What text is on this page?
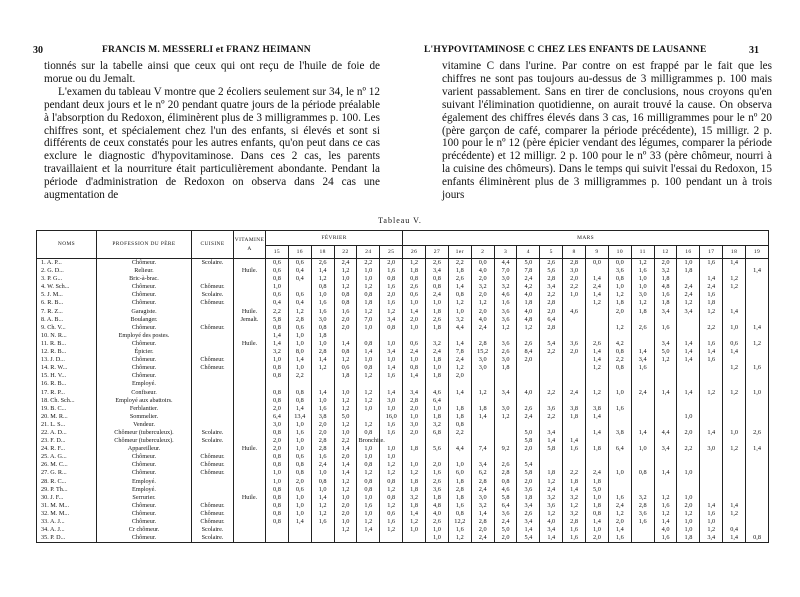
30	FRANCIS M. MESSERLI et FRANZ HEIMANN

tionnés sur la tabelle ainsi que ceux qui ont reçu de l'huile de foie de morue ou du Jemalt.

L'examen du tableau V montre que 2 écoliers seulement sur 34, le nº 12 pendant deux jours et le nº 20 pendant quatre jours de la période préalable à l'absorption du Redoxon, éliminèrent plus de 3 milligrammes p. 100. Les chiffres sont, et spécialement chez l'un des enfants, si élevés et sont si différents de ceux constatés pour les autres enfants, qu'on peut dans ce cas exclure le diagnostic d'hypovitaminose. Dans ces 2 cas, les parents travaillaient et la nourriture était particulièrement abondante. Pendant la période d'administration de Redoxon on observa dans 24 cas une augmentation de

L'HYPOVITAMINOSE C CHEZ LES ENFANTS DE LAUSANNE	31

vitamine C dans l'urine. Par contre on est frappé par le fait que les chiffres ne sont pas toujours au-dessus de 3 milligrammes p. 100 mais varient passablement. Sans en tirer de conclusions, nous croyons qu'en suivant l'élimination quotidienne, on aurait trouvé la cause. On observa également des chiffres élevés dans 3 cas, 16 milligrammes pour le nº 20 (père garçon de café, comparer la période précédente), 15 milligr. 2 p. 100 pour le nº 12 (père épicier vendant des légumes, comparer la période précédente) et 12 milligr. 2 p. 100 pour le nº 33 (père chômeur, nourri à la cuisine des chômeurs). Dans le temps qui suivit l'essai du Redoxon, 15 enfants éliminèrent plus de 3 milligrammes p. 100 pendant un à trois jours

Tableau V.
NOMS	PROFESSION DU PÈRE	CUISINE	VITAMINE A	FÉVRIER						MARS															
				15	16	18	22	24	25	26	27	1er	2	3	4	5	8	9	10	11	12	16	17	18	19
1. A. P...	Chômeur.	Scolaire.		0,6	0,6	2,6	2,4	2,2	2,0	1,2	2,6	2,2	0,0	4,4	5,0	2,6	2,8	0,0	0,0	1,2	2,0	1,0	1,6	1,4	
2. G. D...	Relieur.		Huile.	0,6	0,4	1,4	1,2	1,0	1,6	1,8	3,4	1,8	4,0	7,0	7,8	5,6	3,0		3,6	1,6	3,2	1,8			1,4
3. P. G...	Bric-à-brac.			0,8	0,4	1,2	1,0	1,0	0,8	0,8	0,8	2,6	2,0	3,0	2,4	2,8	2,0	1,4	0,8	1,0	1,8		1,4	1,2	
4. W. Sch...	Chômeur.	Chômeur.		1,0		0,8	1,2	1,2	1,6	2,6	0,8	1,4	3,2	3,2	4,2	3,4	2,2	2,4	1,0	1,0	4,8	2,4	2,4	1,2	
5. J. M...	Chômeur.	Scolaire.		0,6	0,6	1,0	0,8	0,8	2,0	0,6	2,4	0,8	2,0	4,6	4,0	2,2	1,0	1,4	1,2	3,0	1,6	2,4	1,6		
6. R. B...	Chômeur.	Chômeur.		0,4	0,4	1,6	0,8	1,8	1,6	1,0	1,0	1,2	1,2	1,6	1,8	2,8		1,2	1,8	1,2	1,8	1,2	1,8		
7. R. Z...	Garagiste.		Huile.	2,2	1,2	1,6	1,6	1,2	1,2	1,4	1,8	1,0	2,0	3,6	4,0	2,0	4,6		2,0	1,8	3,4	3,4	1,2	1,4	
8. A. B...	Boulanger.		Jemalt.	5,8	2,8	3,0	2,0	7,0	3,4	2,0	2,6	3,2	4,0	3,6	4,8	6,4									
9. Ch. V...	Chômeur.	Chômeur.		0,8	0,6	0,8	2,0	1,0	0,8	1,0	1,8	4,4	2,4	1,2	1,2	2,8			1,2	2,6	1,6		2,2	1,0	1,4
10. N. R...	Employé des postes.			1,4	1,0	1,8																			
11. R. B...	Chômeur.		Huile.	1,4	1,0	1,0	1,4	0,8	1,0	0,6	3,2	1,4	2,8	3,6	2,6	5,4	3,6	2,6	4,2		3,4	1,4	1,6	0,6	1,2
12. R. B...	Épicier.			3,2	8,0	2,8	0,8	1,4	3,4	2,4	2,4	7,8	15,2	2,6	8,4	2,2	2,0	1,4	0,8	1,4	5,0	1,4	1,4	1,4	
13. J. D...	Chômeur.	Chômeur.		1,0	1,4	1,4	1,2	1,0	1,0	1,0	1,8	2,4	3,0	3,0	2,0			1,4	2,2	3,4	1,2	1,4	1,6		
14. R. W...	Chômeur.	Chômeur.		0,8	1,0	1,2	0,6	0,8	1,4	0,8	1,0	1,2	3,0	1,8				1,2	0,8	1,6				1,2	1,6
15. H. V...	Chômeur.			0,8	2,2		1,8	1,2	1,6	1,4	1,8	2,0													
16. R. B...	Employé.																								
17. R. P...	Confiseur.			0,8	0,8	1,4	1,0	1,2	1,4	3,4	4,6	1,4	1,2	3,4	4,0	2,2	2,4	1,2	1,0	2,4	1,4	1,4	1,2	1,2	1,0
18. Ch. Sch...	Employé aux abattoirs.			0,8	0,8	1,0	1,2	1,2	3,0	2,8	6,4														
19. B. C...	Ferblantier.			2,0	1,4	1,6	1,2	1,0	1,0	2,0	1,0	1,8	1,8	3,0	2,6	3,6	3,8	3,8	1,6						
20. M. R...	Sommelier.			6,4	13,4	3,8	5,0		16,0	1,0	1,8	1,8	1,4	1,2	2,4	2,2	1,8	1,4				1,0			
21. L. S...	Vendeur.			3,0	1,0	2,0	1,2	1,2	1,6	3,0	3,2	0,8													
22. A. D...	Chômeur (tuberculeux).	Scolaire.		0,8	1,6	2,0	1,0	0,8	1,6	2,0	6,8	2,2			5,0	3,4		1,4	3,8	1,4	4,4	2,0	1,4	1,0	2,6
23. F. D...	Chômeur (tuberculeux).	Scolaire.		2,0	1,0	2,8	2,2	Bronchite.							5,8	1,4	1,4								
24. R. F...	Appareilleur.		Huile.	2,0	1,0	2,8	1,4	1,0	1,0	1,8	5,6	4,4	7,4	9,2	2,0	5,8	1,6	1,8	6,4	1,0	3,4	2,2	3,0	1,2	1,4
25. A. G...	Chômeur.	Chômeur.		0,8	0,6	1,6	2,0	1,0	1,0																
26. M. C...	Chômeur.	Chômeur.		0,8	0,8	2,4	1,4	0,8	1,2	1,0	2,0	1,0	3,4	2,6	5,4										
27. G. R...	Chômeur.	Chômeur.		1,0	0,8	1,0	1,4	1,2	1,2	1,2	1,6	6,0	6,2	2,8	5,8	1,8	2,2	2,4	1,0	0,8	1,4	1,0			
28. R. C...	Employé.			1,0	2,0	0,8	1,2	0,8	0,8	1,8	2,6	1,8	2,8	0,8	2,0	1,2	1,8	1,8							
29. P. Th...	Employé.			0,8	0,6	1,0	1,2	0,8	1,2	1,8	3,6	2,8	2,4	4,6	3,6	2,4	1,4	5,0							
30. J. F...	Serrurier.		Huile.	0,8	1,0	1,4	1,0	1,0	0,8	3,2	1,8	1,8	3,0	5,8	1,8	3,2	3,2	1,0	1,6	3,2	1,2	1,0			
31. M. M...	Chômeur.	Chômeur.		0,8	1,0	1,2	2,0	1,6	1,2	1,8	4,8	1,6	3,2	6,4	3,4	3,6	1,2	1,8	2,4	2,8	1,6	2,0	1,4	1,4	
32. M. M...	Chômeur.	Chômeur.		0,8	1,0	1,2	2,0	1,0	0,6	1,4	4,0	0,8	1,4	3,6	2,6	1,2	3,2	0,8	1,2	3,6	1,2	1,2	1,6	1,2	
33. A. J...	Chômeur.	Chômeur.		0,8	1,4	1,6	1,0	1,2	1,6	1,2	2,6	12,2	2,8	2,4	3,4	4,0	2,8	1,4	2,0	1,6	1,4	1,0	1,0		
34. A. J...	Cr chômeur.	Scolaire.					1,2	1,4	1,2	1,0	1,0	1,6	2,0	5,0	1,4	3,4	1,6	1,0	1,4		4,0	1,0	1,2	0,4	
35. P. D...	Chômeur.	Scolaire.									1,0	1,2	2,4	2,0	5,4	1,4	1,6	2,0	1,6		1,6	1,8	3,4	1,4	0,8
